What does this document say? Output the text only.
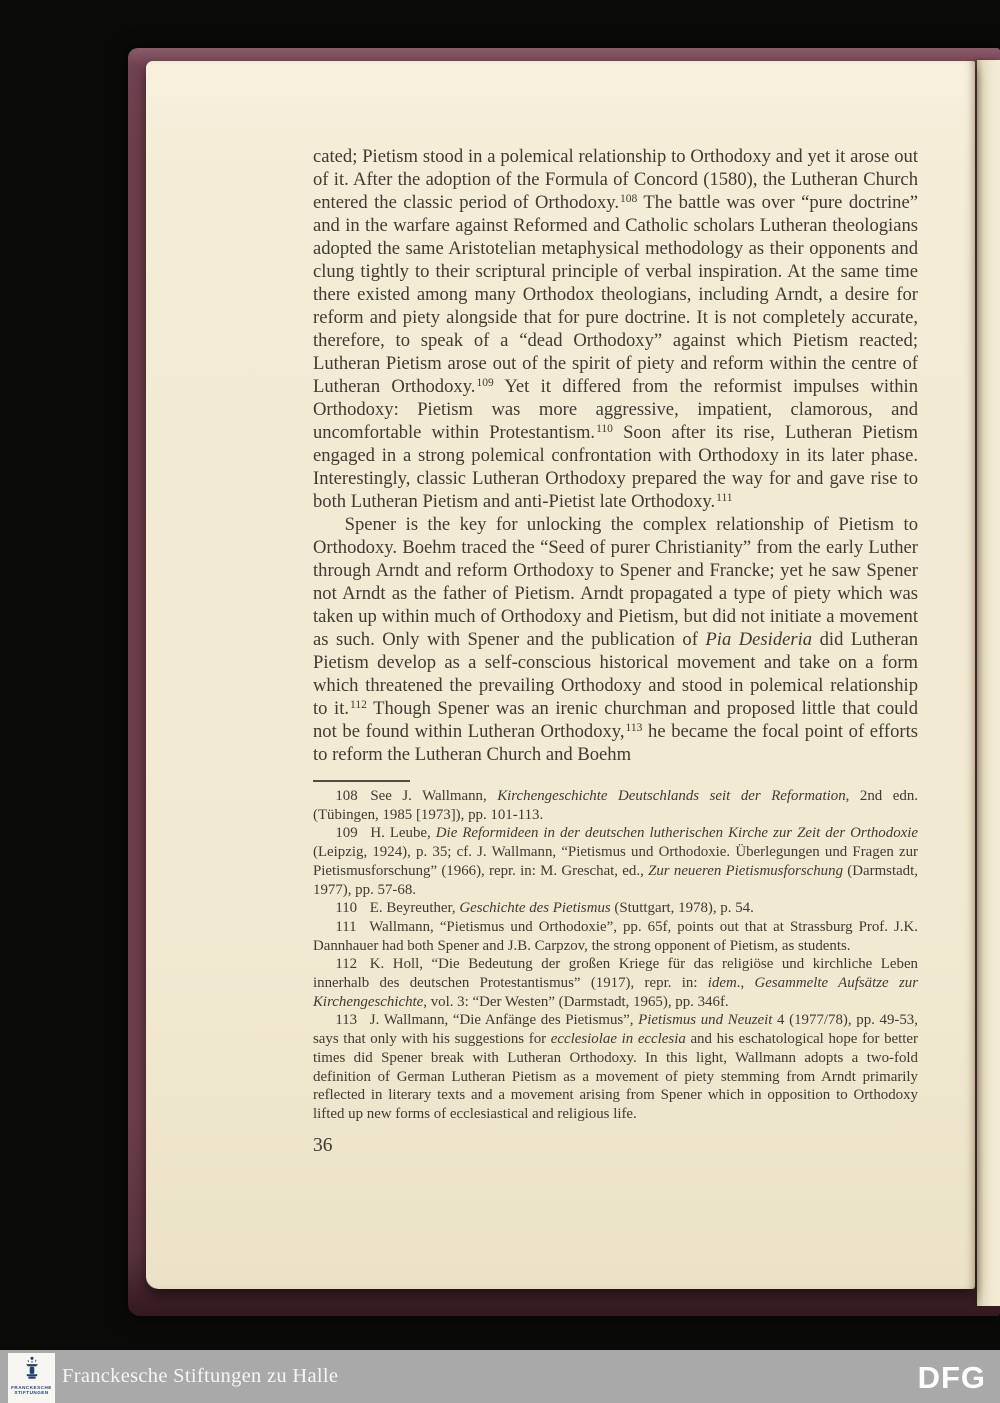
cated; Pietism stood in a polemical relationship to Orthodoxy and yet it arose out of it. After the adoption of the Formula of Concord (1580), the Lutheran Church entered the classic period of Orthodoxy.$^{108}$ The battle was over “pure doctrine” and in the warfare against Reformed and Catholic scholars Lutheran theologians adopted the same Aristotelian metaphysical methodology as their opponents and clung tightly to their scriptural principle of verbal inspiration. At the same time there existed among many Orthodox theologians, including Arndt, a desire for reform and piety alongside that for pure doctrine. It is not completely accurate, therefore, to speak of a “dead Orthodoxy” against which Pietism reacted; Lutheran Pietism arose out of the spirit of piety and reform within the centre of Lutheran Orthodoxy.$^{109}$ Yet it differed from the reformist impulses within Orthodoxy: Pietism was more aggressive, impatient, clamorous, and uncomfortable within Protestantism.$^{110}$ Soon after its rise, Lutheran Pietism engaged in a strong polemical confrontation with Orthodoxy in its later phase. Interestingly, classic Lutheran Orthodoxy prepared the way for and gave rise to both Lutheran Pietism and anti-Pietist late Orthodoxy.$^{111}$

Spener is the key for unlocking the complex relationship of Pietism to Orthodoxy. Boehm traced the “Seed of purer Christianity” from the early Luther through Arndt and reform Orthodoxy to Spener and Francke; yet he saw Spener not Arndt as the father of Pietism. Arndt propagated a type of piety which was taken up within much of Orthodoxy and Pietism, but did not initiate a movement as such. Only with Spener and the publication of Pia Desideria did Lutheran Pietism develop as a self-conscious historical movement and take on a form which threatened the prevailing Orthodoxy and stood in polemical relationship to it.$^{112}$ Though Spener was an irenic churchman and proposed little that could not be found within Lutheran Orthodoxy,$^{113}$ he became the focal point of efforts to reform the Lutheran Church and Boehm

108 See J. Wallmann, Kirchengeschichte Deutschlands seit der Reformation, 2nd edn. (Tübingen, 1985 [1973]), pp. 101-113.

109 H. Leube, Die Reformideen in der deutschen lutherischen Kirche zur Zeit der Orthodoxie (Leipzig, 1924), p. 35; cf. J. Wallmann, “Pietismus und Orthodoxie. Überlegungen und Fragen zur Pietismusforschung” (1966), repr. in: M. Greschat, ed., Zur neueren Pietismusforschung (Darmstadt, 1977), pp. 57-68.

110 E. Beyreuther, Geschichte des Pietismus (Stuttgart, 1978), p. 54.

111 Wallmann, “Pietismus und Orthodoxie”, pp. 65f, points out that at Strassburg Prof. J.K. Dannhauer had both Spener and J.B. Carpzov, the strong opponent of Pietism, as students.

112 K. Holl, “Die Bedeutung der großen Kriege für das religiöse und kirchliche Leben innerhalb des deutschen Protestantismus” (1917), repr. in: idem., Gesammelte Aufsätze zur Kirchengeschichte, vol. 3: “Der Westen” (Darmstadt, 1965), pp. 346f.

113 J. Wallmann, “Die Anfänge des Pietismus”, Pietismus und Neuzeit 4 (1977/78), pp. 49-53, says that only with his suggestions for ecclesiolae in ecclesia and his eschatological hope for better times did Spener break with Lutheran Orthodoxy. In this light, Wallmann adopts a two-fold definition of German Lutheran Pietism as a movement of piety stemming from Arndt primarily reflected in literary texts and a movement arising from Spener which in opposition to Orthodoxy lifted up new forms of ecclesiastical and religious life.

36
FRANCKESCHE
STIFTUNGEN
Franckesche Stiftungen zu Halle	DFG
